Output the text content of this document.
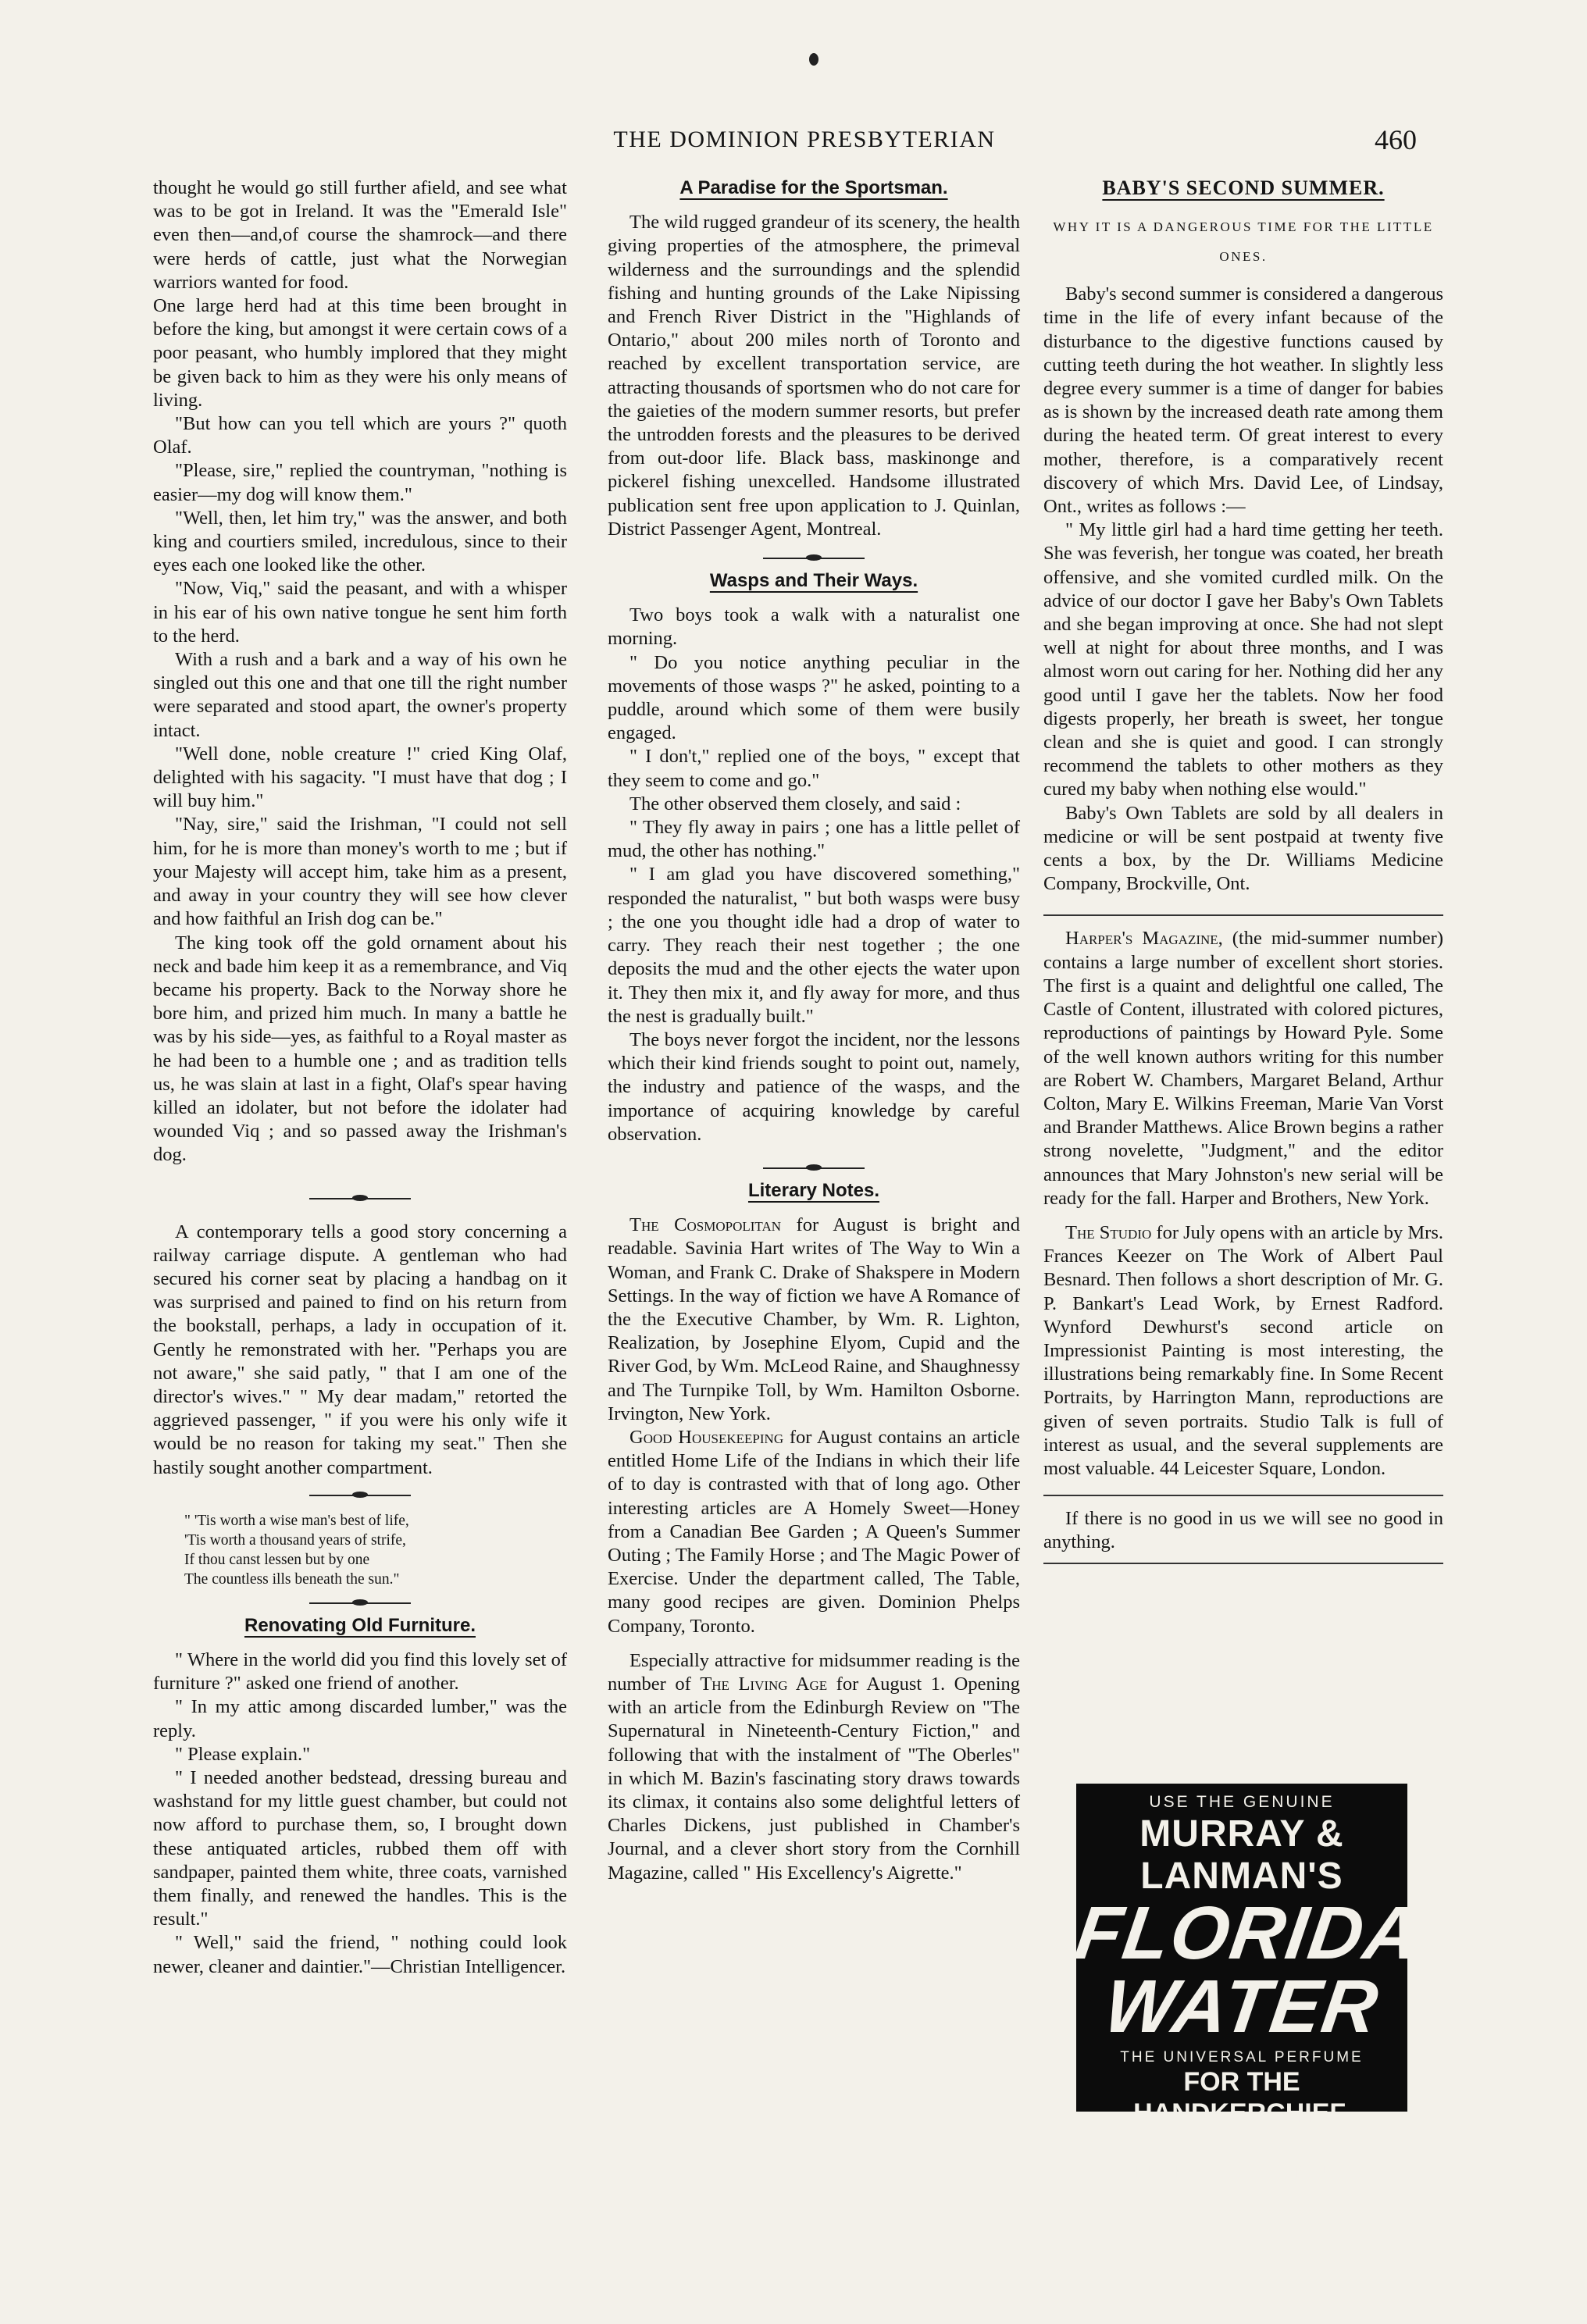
THE DOMINION PRESBYTERIAN	460

thought he would go still further afield, and see what was to be got in Ireland. It was the "Emerald Isle" even then—and,of course the shamrock—and there were herds of cattle, just what the Norwegian warriors wanted for food.

One large herd had at this time been brought in before the king, but amongst it were certain cows of a poor peasant, who humbly implored that they might be given back to him as they were his only means of living.

"But how can you tell which are yours ?" quoth Olaf.

"Please, sire," replied the countryman, "nothing is easier—my dog will know them."

"Well, then, let him try," was the answer, and both king and courtiers smiled, incredulous, since to their eyes each one looked like the other.

"Now, Viq," said the peasant, and with a whisper in his ear of his own native tongue he sent him forth to the herd.

With a rush and a bark and a way of his own he singled out this one and that one till the right number were separated and stood apart, the owner's property intact.

"Well done, noble creature !" cried King Olaf, delighted with his sagacity. "I must have that dog ; I will buy him."

"Nay, sire," said the Irishman, "I could not sell him, for he is more than money's worth to me ; but if your Majesty will accept him, take him as a present, and away in your country they will see how clever and how faithful an Irish dog can be."

The king took off the gold ornament about his neck and bade him keep it as a remembrance, and Viq became his property. Back to the Norway shore he bore him, and prized him much. In many a battle he was by his side—yes, as faithful to a Royal master as he had been to a humble one ; and as tradition tells us, he was slain at last in a fight, Olaf's spear having killed an idolater, but not before the idolater had wounded Viq ; and so passed away the Irishman's dog.

A contemporary tells a good story concerning a railway carriage dispute. A gentleman who had secured his corner seat by placing a handbag on it was surprised and pained to find on his return from the bookstall, perhaps, a lady in occupation of it. Gently he remonstrated with her. "Perhaps you are not aware," she said patly, " that I am one of the director's wives." " My dear madam," retorted the aggrieved passenger, " if you were his only wife it would be no reason for taking my seat." Then she hastily sought another compartment.

" 'Tis worth a wise man's best of life,
'Tis worth a thousand years of strife,
If thou canst lessen but by one
The countless ills beneath the sun."
Renovating Old Furniture.

" Where in the world did you find this lovely set of furniture ?" asked one friend of another.

" In my attic among discarded lumber," was the reply.

" Please explain."

" I needed another bedstead, dressing bureau and washstand for my little guest chamber, but could not now afford to purchase them, so, I brought down these antiquated articles, rubbed them off with sandpaper, painted them white, three coats, varnished them finally, and renewed the handles. This is the result."

" Well," said the friend, " nothing could look newer, cleaner and daintier."—Christian Intelligencer.

A Paradise for the Sportsman.

The wild rugged grandeur of its scenery, the health giving properties of the atmosphere, the primeval wilderness and the surroundings and the splendid fishing and hunting grounds of the Lake Nipissing and French River District in the "Highlands of Ontario," about 200 miles north of Toronto and reached by excellent transportation service, are attracting thousands of sportsmen who do not care for the gaieties of the modern summer resorts, but prefer the untrodden forests and the pleasures to be derived from out-door life. Black bass, maskinonge and pickerel fishing unexcelled. Handsome illustrated publication sent free upon application to J. Quinlan, District Passenger Agent, Montreal.

Wasps and Their Ways.

Two boys took a walk with a naturalist one morning.

" Do you notice anything peculiar in the movements of those wasps ?" he asked, pointing to a puddle, around which some of them were busily engaged.

" I don't," replied one of the boys, " except that they seem to come and go."

The other observed them closely, and said :

" They fly away in pairs ; one has a little pellet of mud, the other has nothing."

" I am glad you have discovered something," responded the naturalist, " but both wasps were busy ; the one you thought idle had a drop of water to carry. They reach their nest together ; the one deposits the mud and the other ejects the water upon it. They then mix it, and fly away for more, and thus the nest is gradually built."

The boys never forgot the incident, nor the lessons which their kind friends sought to point out, namely, the industry and patience of the wasps, and the importance of acquiring knowledge by careful observation.

Literary Notes.

The Cosmopolitan for August is bright and readable. Savinia Hart writes of The Way to Win a Woman, and Frank C. Drake of Shakspere in Modern Settings. In the way of fiction we have A Romance of the the Executive Chamber, by Wm. R. Lighton, Realization, by Josephine Elyom, Cupid and the River God, by Wm. McLeod Raine, and Shaughnessy and The Turnpike Toll, by Wm. Hamilton Osborne. Irvington, New York.

Good Housekeeping for August contains an article entitled Home Life of the Indians in which their life of to day is contrasted with that of long ago. Other interesting articles are A Homely Sweet—Honey from a Canadian Bee Garden ; A Queen's Summer Outing ; The Family Horse ; and The Magic Power of Exercise. Under the department called, The Table, many good recipes are given. Dominion Phelps Company, Toronto.

Especially attractive for midsummer reading is the number of The Living Age for August 1. Opening with an article from the Edinburgh Review on "The Supernatural in Nineteenth-Century Fiction," and following that with the instalment of "The Oberles" in which M. Bazin's fascinating story draws towards its climax, it contains also some delightful letters of Charles Dickens, just published in Chamber's Journal, and a clever short story from the Cornhill Magazine, called " His Excellency's Aigrette."

BABY'S SECOND SUMMER.
WHY IT IS A DANGEROUS TIME FOR THE LITTLE ONES.

Baby's second summer is considered a dangerous time in the life of every infant because of the disturbance to the digestive functions caused by cutting teeth during the hot weather. In slightly less degree every summer is a time of danger for babies as is shown by the increased death rate among them during the heated term. Of great interest to every mother, therefore, is a comparatively recent discovery of which Mrs. David Lee, of Lindsay, Ont., writes as follows :—

" My little girl had a hard time getting her teeth. She was feverish, her tongue was coated, her breath offensive, and she vomited curdled milk. On the advice of our doctor I gave her Baby's Own Tablets and she began improving at once. She had not slept well at night for about three months, and I was almost worn out caring for her. Nothing did her any good until I gave her the tablets. Now her food digests properly, her breath is sweet, her tongue clean and she is quiet and good. I can strongly recommend the tablets to other mothers as they cured my baby when nothing else would."

Baby's Own Tablets are sold by all dealers in medicine or will be sent postpaid at twenty five cents a box, by the Dr. Williams Medicine Company, Brockville, Ont.

Harper's Magazine, (the mid-summer number) contains a large number of excellent short stories. The first is a quaint and delightful one called, The Castle of Content, illustrated with colored pictures, reproductions of paintings by Howard Pyle. Some of the well known authors writing for this number are Robert W. Chambers, Margaret Beland, Arthur Colton, Mary E. Wilkins Freeman, Marie Van Vorst and Brander Matthews. Alice Brown begins a rather strong novelette, "Judgment," and the editor announces that Mary Johnston's new serial will be ready for the fall. Harper and Brothers, New York.

The Studio for July opens with an article by Mrs. Frances Keezer on The Work of Albert Paul Besnard. Then follows a short description of Mr. G. P. Bankart's Lead Work, by Ernest Radford. Wynford Dewhurst's second article on Impressionist Painting is most interesting, the illustrations being remarkably fine. In Some Recent Portraits, by Harrington Mann, reproductions are given of seven portraits. Studio Talk is full of interest as usual, and the several supplements are most valuable. 44 Leicester Square, London.

If there is no good in us we will see no good in anything.

USE THE GENUINE
MURRAY &
LANMAN'S
FLORIDA
WATER
THE UNIVERSAL PERFUME
FOR THE HANDKERCHIEF,
TOILET & BATH.
REFUSE ALL SUBSTITUTES
